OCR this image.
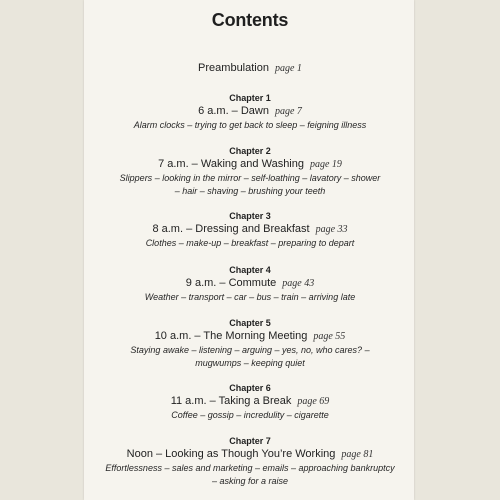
Contents
Preambulation page 1
Chapter 1
6 a.m. – Dawn page 7
Alarm clocks – trying to get back to sleep – feigning illness
Chapter 2
7 a.m. – Waking and Washing page 19
Slippers – looking in the mirror – self-loathing – lavatory – shower
– hair – shaving – brushing your teeth
Chapter 3
8 a.m. – Dressing and Breakfast page 33
Clothes – make-up – breakfast – preparing to depart
Chapter 4
9 a.m. – Commute page 43
Weather – transport – car – bus – train – arriving late
Chapter 5
10 a.m. – The Morning Meeting page 55
Staying awake – listening – arguing – yes, no, who cares? –
mugwumps – keeping quiet
Chapter 6
11 a.m. – Taking a Break page 69
Coffee – gossip – incredulity – cigarette
Chapter 7
Noon – Looking as Though You’re Working page 81
Effortlessness – sales and marketing – emails – approaching bankruptcy
– asking for a raise
